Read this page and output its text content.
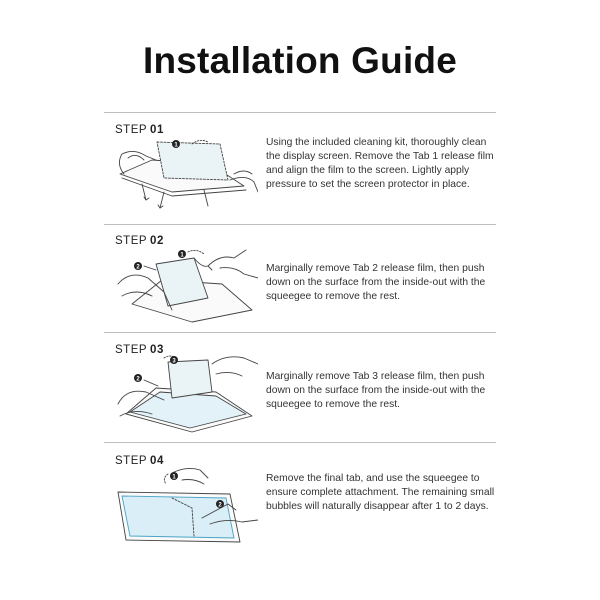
Installation Guide
STEP 01
1	Using the included cleaning kit, thoroughly clean the display screen. Remove the Tab 1 release film and align the film to the screen. Lightly apply pressure to set the screen protector in place.
STEP 02
1
2	Marginally remove Tab 2 release film, then push down on the surface from the inside-out with the squeegee to remove the rest.
STEP 03
3
2	Marginally remove Tab 3 release film, then push down on the surface from the inside-out with the squeegee to remove the rest.
STEP 04
1
2
Remove the final tab, and use the squeegee to ensure complete attachment. The remaining small bubbles will naturally disappear after 1 to 2 days.
